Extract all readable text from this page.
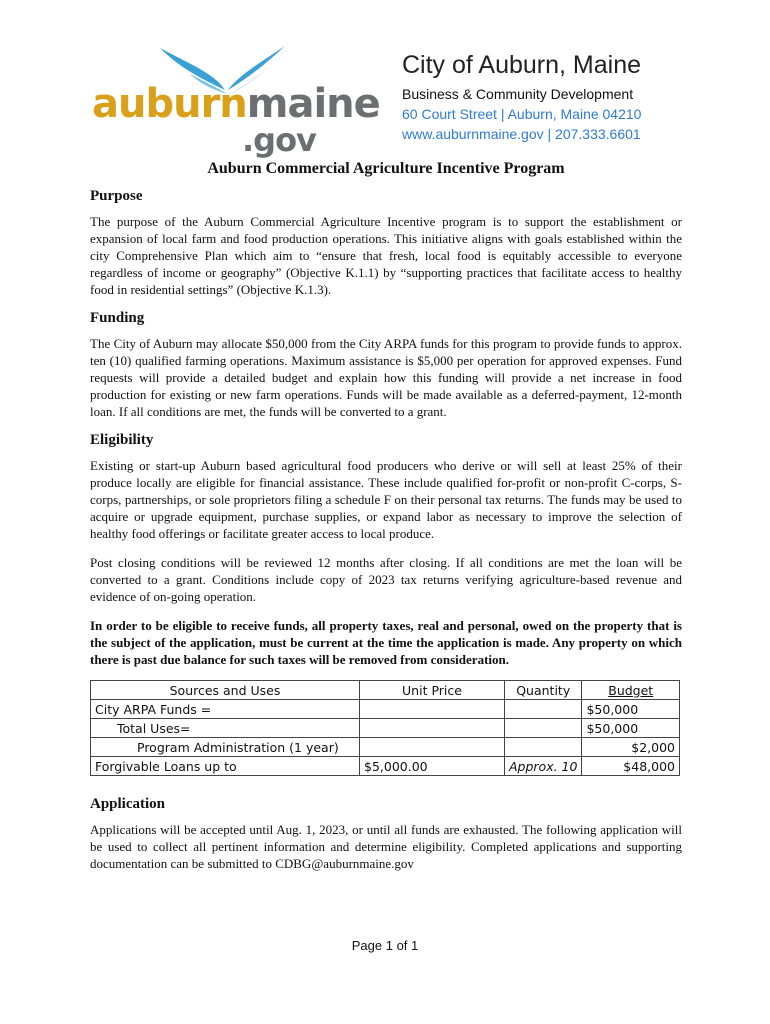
auburnmaine
.gov
City of Auburn, Maine
Business & Community Development
60 Court Street | Auburn, Maine 04210
www.auburnmaine.gov | 207.333.6601
Auburn Commercial Agriculture Incentive Program
Purpose

The purpose of the Auburn Commercial Agriculture Incentive program is to support the establishment or expansion of local farm and food production operations. This initiative aligns with goals established within the city Comprehensive Plan which aim to “ensure that fresh, local food is equitably accessible to everyone regardless of income or geography” (Objective K.1.1) by “supporting practices that facilitate access to healthy food in residential settings” (Objective K.1.3).

Funding

The City of Auburn may allocate $50,000 from the City ARPA funds for this program to provide funds to approx. ten (10) qualified farming operations. Maximum assistance is $5,000 per operation for approved expenses. Fund requests will provide a detailed budget and explain how this funding will provide a net increase in food production for existing or new farm operations. Funds will be made available as a deferred-payment, 12-month loan. If all conditions are met, the funds will be converted to a grant.

Eligibility

Existing or start-up Auburn based agricultural food producers who derive or will sell at least 25% of their produce locally are eligible for financial assistance. These include qualified for-profit or non-profit C-corps, S-corps, partnerships, or sole proprietors filing a schedule F on their personal tax returns. The funds may be used to acquire or upgrade equipment, purchase supplies, or expand labor as necessary to improve the selection of healthy food offerings or facilitate greater access to local produce.

Post closing conditions will be reviewed 12 months after closing. If all conditions are met the loan will be converted to a grant. Conditions include copy of 2023 tax returns verifying agriculture-based revenue and evidence of on-going operation.

In order to be eligible to receive funds, all property taxes, real and personal, owed on the property that is the subject of the application, must be current at the time the application is made. Any property on which there is past due balance for such taxes will be removed from consideration.

Sources and Uses	Unit Price	Quantity	Budget
City ARPA Funds =			$50,000
Total Uses=			$50,000
Program Administration (1 year)			$2,000
Forgivable Loans up to	$5,000.00	Approx. 10	$48,000
Application

Applications will be accepted until Aug. 1, 2023, or until all funds are exhausted. The following application will be used to collect all pertinent information and determine eligibility. Completed applications and supporting documentation can be submitted to CDBG@auburnmaine.gov

Page 1 of 1
